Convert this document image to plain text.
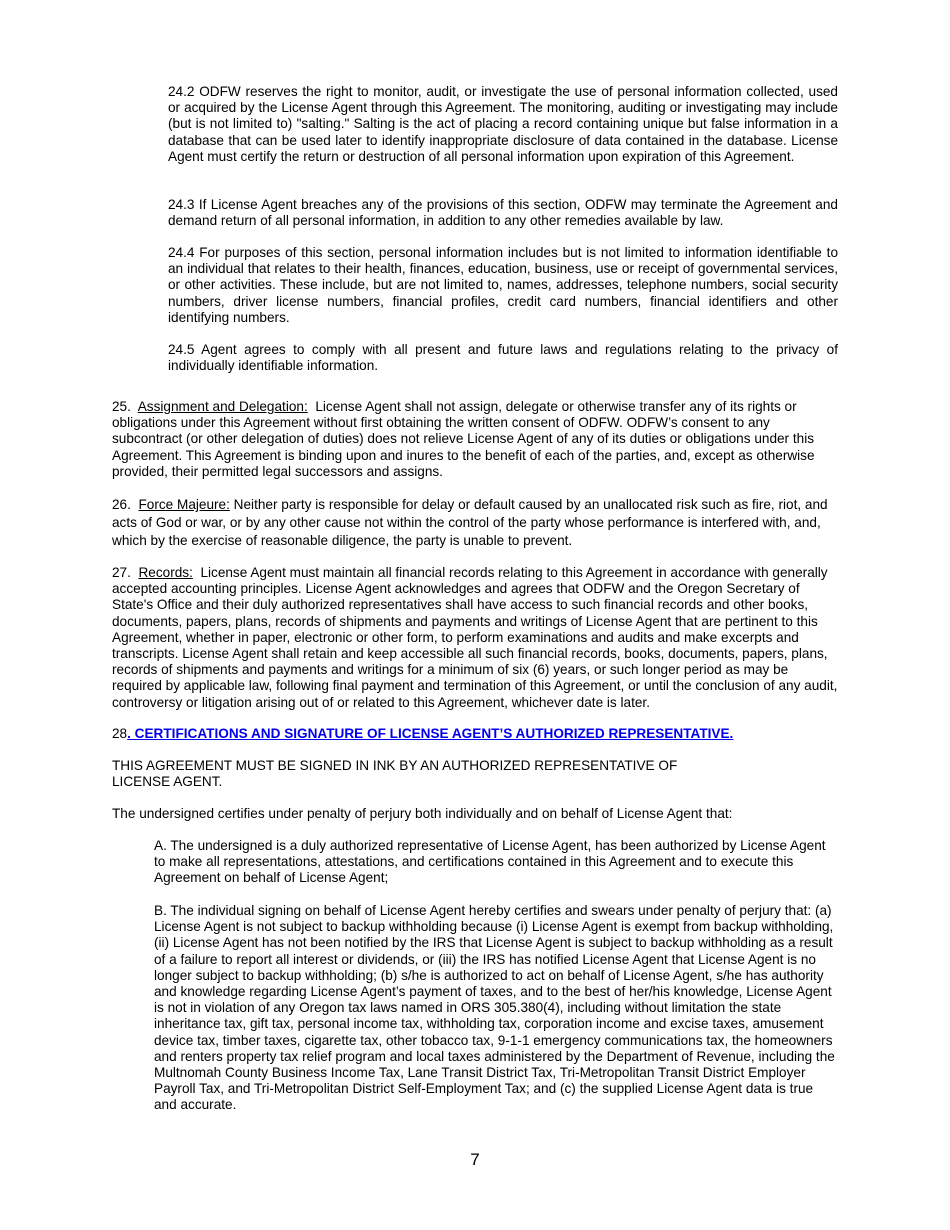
24.2 ODFW reserves the right to monitor, audit, or investigate the use of personal information collected, used or acquired by the License Agent through this Agreement. The monitoring, auditing or investigating may include (but is not limited to) "salting." Salting is the act of placing a record containing unique but false information in a database that can be used later to identify inappropriate disclosure of data contained in the database. License Agent must certify the return or destruction of all personal information upon expiration of this Agreement.

24.3 If License Agent breaches any of the provisions of this section, ODFW may terminate the Agreement and demand return of all personal information, in addition to any other remedies available by law.

24.4 For purposes of this section, personal information includes but is not limited to information identifiable to an individual that relates to their health, finances, education, business, use or receipt of governmental services, or other activities. These include, but are not limited to, names, addresses, telephone numbers, social security numbers, driver license numbers, financial profiles, credit card numbers, financial identifiers and other identifying numbers.

24.5 Agent agrees to comply with all present and future laws and regulations relating to the privacy of individually identifiable information.

25. Assignment and Delegation: License Agent shall not assign, delegate or otherwise transfer any of its rights or obligations under this Agreement without first obtaining the written consent of ODFW. ODFW’s consent to any subcontract (or other delegation of duties) does not relieve License Agent of any of its duties or obligations under this Agreement. This Agreement is binding upon and inures to the benefit of each of the parties, and, except as otherwise provided, their permitted legal successors and assigns.

26. Force Majeure: Neither party is responsible for delay or default caused by an unallocated risk such as fire, riot, and acts of God or war, or by any other cause not within the control of the party whose performance is interfered with, and, which by the exercise of reasonable diligence, the party is unable to prevent.

27. Records: License Agent must maintain all financial records relating to this Agreement in accordance with generally accepted accounting principles. License Agent acknowledges and agrees that ODFW and the Oregon Secretary of State's Office and their duly authorized representatives shall have access to such financial records and other books, documents, papers, plans, records of shipments and payments and writings of License Agent that are pertinent to this Agreement, whether in paper, electronic or other form, to perform examinations and audits and make excerpts and transcripts. License Agent shall retain and keep accessible all such financial records, books, documents, papers, plans, records of shipments and payments and writings for a minimum of six (6) years, or such longer period as may be required by applicable law, following final payment and termination of this Agreement, or until the conclusion of any audit, controversy or litigation arising out of or related to this Agreement, whichever date is later.

28. CERTIFICATIONS AND SIGNATURE OF LICENSE AGENT’S AUTHORIZED REPRESENTATIVE.

THIS AGREEMENT MUST BE SIGNED IN INK BY AN AUTHORIZED REPRESENTATIVE OF LICENSE AGENT.

The undersigned certifies under penalty of perjury both individually and on behalf of License Agent that:

A. The undersigned is a duly authorized representative of License Agent, has been authorized by License Agent to make all representations, attestations, and certifications contained in this Agreement and to execute this Agreement on behalf of License Agent;

B. The individual signing on behalf of License Agent hereby certifies and swears under penalty of perjury that: (a) License Agent is not subject to backup withholding because (i) License Agent is exempt from backup withholding, (ii) License Agent has not been notified by the IRS that License Agent is subject to backup withholding as a result of a failure to report all interest or dividends, or (iii) the IRS has notified License Agent that License Agent is no longer subject to backup withholding; (b) s/he is authorized to act on behalf of License Agent, s/he has authority and knowledge regarding License Agent’s payment of taxes, and to the best of her/his knowledge, License Agent is not in violation of any Oregon tax laws named in ORS 305.380(4), including without limitation the state inheritance tax, gift tax, personal income tax, withholding tax, corporation income and excise taxes, amusement device tax, timber taxes, cigarette tax, other tobacco tax, 9-1-1 emergency communications tax, the homeowners and renters property tax relief program and local taxes administered by the Department of Revenue, including the Multnomah County Business Income Tax, Lane Transit District Tax, Tri-Metropolitan Transit District Employer Payroll Tax, and Tri-Metropolitan District Self-Employment Tax; and (c) the supplied License Agent data is true and accurate.

7
